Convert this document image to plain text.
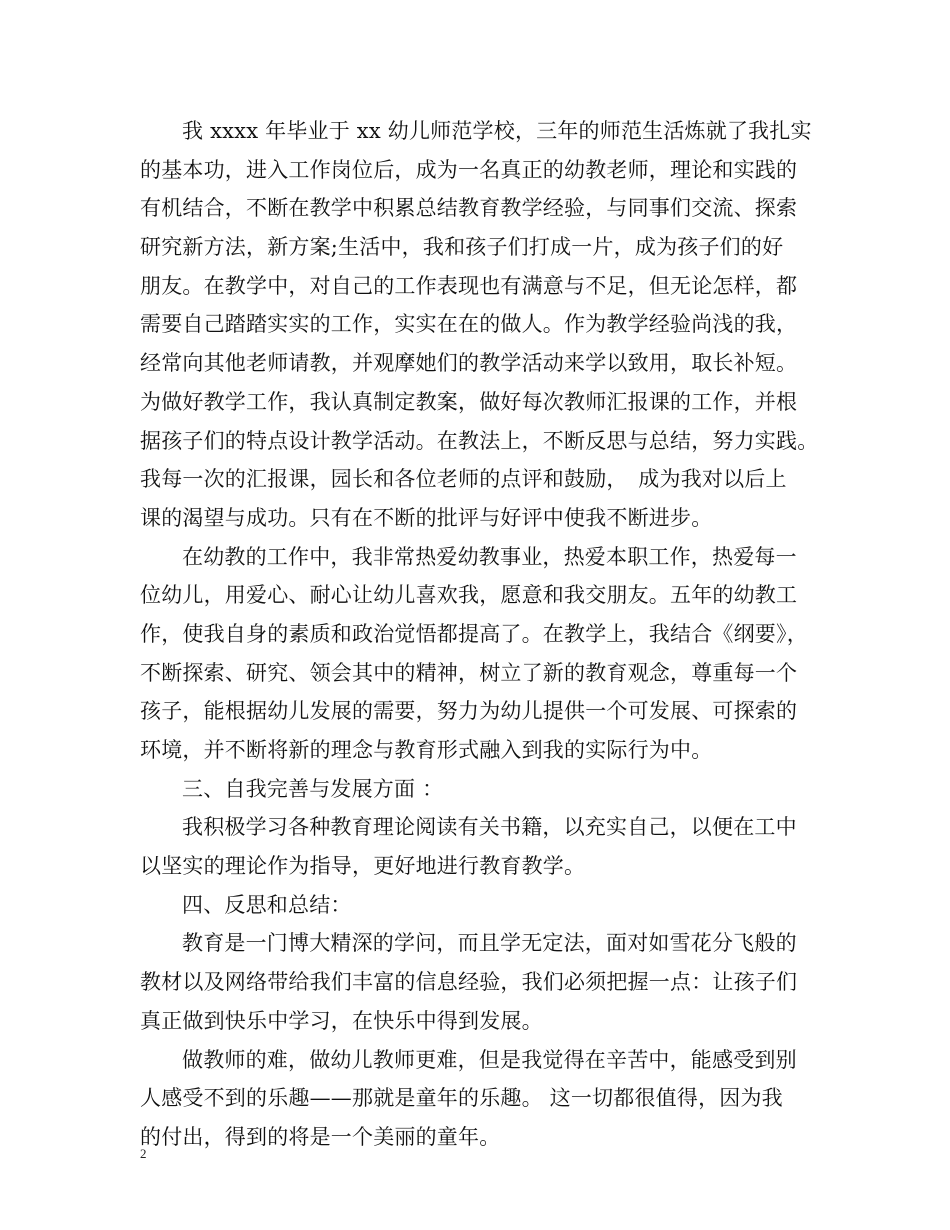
我 xxxx 年毕业于 xx 幼儿师范学校，三年的师范生活炼就了我扎实
的基本功，进入工作岗位后，成为一名真正的幼教老师，理论和实践的
有机结合，不断在教学中积累总结教育教学经验，与同事们交流、探索
研究新方法，新方案;生活中，我和孩子们打成一片，成为孩子们的好
朋友。在教学中，对自己的工作表现也有满意与不足，但无论怎样，都
需要自己踏踏实实的工作，实实在在的做人。作为教学经验尚浅的我，
经常向其他老师请教，并观摩她们的教学活动来学以致用，取长补短。
为做好教学工作，我认真制定教案，做好每次教师汇报课的工作，并根
据孩子们的特点设计教学活动。在教法上，不断反思与总结，努力实践。
我每一次的汇报课，园长和各位老师的点评和鼓励，　成为我对以后上
课的渴望与成功。只有在不断的批评与好评中使我不断进步。
在幼教的工作中，我非常热爱幼教事业，热爱本职工作，热爱每一
位幼儿，用爱心、耐心让幼儿喜欢我，愿意和我交朋友。五年的幼教工
作，使我自身的素质和政治觉悟都提高了。在教学上，我结合《纲要》，
不断探索、研究、领会其中的精神，树立了新的教育观念，尊重每一个
孩子，能根据幼儿发展的需要，努力为幼儿提供一个可发展、可探索的
环境，并不断将新的理念与教育形式融入到我的实际行为中。
三、自我完善与发展方面 ：
我积极学习各种教育理论阅读有关书籍，以充实自己，以便在工中
以坚实的理论作为指导，更好地进行教育教学。
四、反思和总结：
教育是一门博大精深的学问，而且学无定法，面对如雪花分飞般的
教材以及网络带给我们丰富的信息经验，我们必须把握一点：让孩子们
真正做到快乐中学习，在快乐中得到发展。
做教师的难，做幼儿教师更难，但是我觉得在辛苦中，能感受到别
人感受不到的乐趣——那就是童年的乐趣。 这一切都很值得，因为我
的付出，得到的将是一个美丽的童年。
2
